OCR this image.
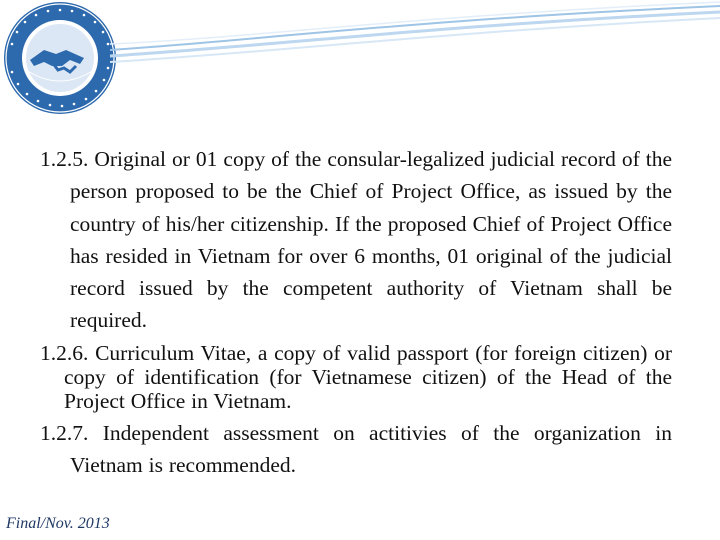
1.2.5. Original or 01 copy of the consular-legalized judicial record of the person proposed to be the Chief of Project Office, as issued by the country of his/her citizenship. If the proposed Chief of Project Office has resided in Vietnam for over 6 months, 01 original of the judicial record issued by the competent authority of Vietnam shall be required.

1.2.6. Curriculum Vitae, a copy of valid passport (for foreign citizen) or copy of identification (for Vietnamese citizen) of the Head of the Project Office in Vietnam.

1.2.7. Independent assessment on actitivies of the organization in Vietnam is recommended.

Final/Nov. 2013
